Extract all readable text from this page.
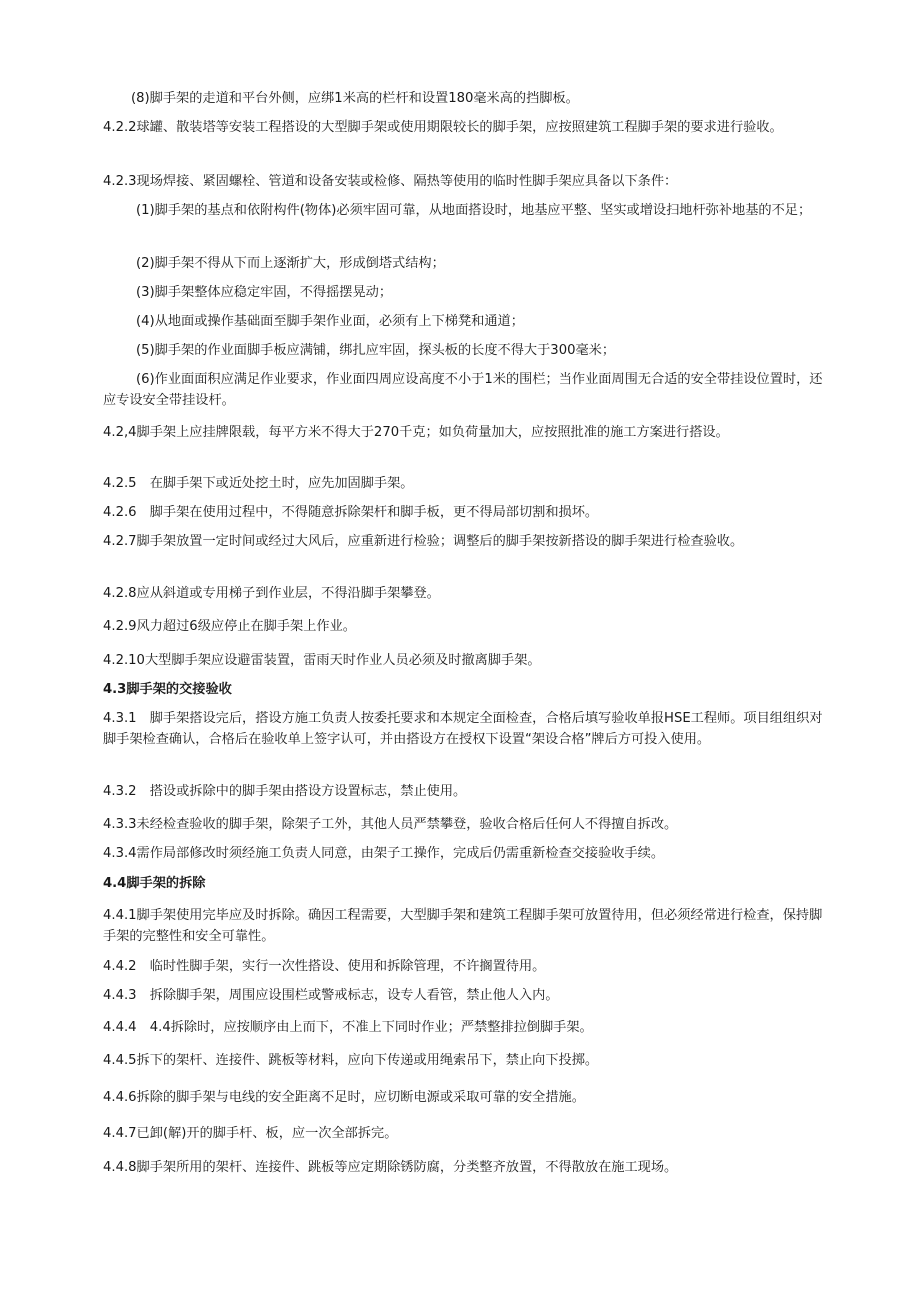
(8)脚手架的走道和平台外侧，应绑1米高的栏杆和设置180毫米高的挡脚板。
4.2.2球罐、散装塔等安装工程搭设的大型脚手架或使用期限较长的脚手架，应按照建筑工程脚手架的要求进行验收。
4.2.3现场焊接、紧固螺栓、管道和设备安装或检修、隔热等使用的临时性脚手架应具备以下条件：
(1)脚手架的基点和依附构件(物体)必须牢固可靠，从地面搭设时，地基应平整、坚实或增设扫地杆弥补地基的不足；
(2)脚手架不得从下而上逐渐扩大，形成倒塔式结构；
(3)脚手架整体应稳定牢固，不得摇摆晃动；
(4)从地面或操作基础面至脚手架作业面，必须有上下梯凳和通道；
(5)脚手架的作业面脚手板应满铺，绑扎应牢固，探头板的长度不得大于300毫米；
(6)作业面面积应满足作业要求，作业面四周应设高度不小于1米的围栏；当作业面周围无合适的安全带挂设位置时，还应专设安全带挂设杆。
4.2,4脚手架上应挂牌限载，每平方米不得大于270千克；如负荷量加大，应按照批准的施工方案进行搭设。
4.2.5　在脚手架下或近处挖土时，应先加固脚手架。
4.2.6　脚手架在使用过程中，不得随意拆除架杆和脚手板，更不得局部切割和损坏。
4.2.7脚手架放置一定时间或经过大风后，应重新进行检验；调整后的脚手架按新搭设的脚手架进行检查验收。
4.2.8应从斜道或专用梯子到作业层，不得沿脚手架攀登。
4.2.9风力超过6级应停止在脚手架上作业。
4.2.10大型脚手架应设避雷装置，雷雨天时作业人员必须及时撤离脚手架。
4.3脚手架的交接验收
4.3.1　脚手架搭设完后，搭设方施工负责人按委托要求和本规定全面检查，合格后填写验收单报HSE工程师。项目组组织对脚手架检查确认，合格后在验收单上签字认可，并由搭设方在授权下设置“架设合格”牌后方可投入使用。
4.3.2　搭设或拆除中的脚手架由搭设方设置标志，禁止使用。
4.3.3未经检查验收的脚手架，除架子工外，其他人员严禁攀登，验收合格后任何人不得擅自拆改。
4.3.4需作局部修改时须经施工负责人同意，由架子工操作，完成后仍需重新检查交接验收手续。
4.4脚手架的拆除
4.4.1脚手架使用完毕应及时拆除。确因工程需要，大型脚手架和建筑工程脚手架可放置待用，但必须经常进行检查，保持脚手架的完整性和安全可靠性。
4.4.2　临时性脚手架，实行一次性搭设、使用和拆除管理，不许搁置待用。
4.4.3　拆除脚手架，周围应设围栏或警戒标志，设专人看管，禁止他人入内。
4.4.4　4.4拆除时，应按顺序由上而下，不准上下同时作业；严禁整排拉倒脚手架。
4.4.5拆下的架杆、连接件、跳板等材料，应向下传递或用绳索吊下，禁止向下投掷。
4.4.6拆除的脚手架与电线的安全距离不足时，应切断电源或采取可靠的安全措施。
4.4.7已卸(解)开的脚手杆、板，应一次全部拆完。
4.4.8脚手架所用的架杆、连接件、跳板等应定期除锈防腐，分类整齐放置，不得散放在施工现场。
